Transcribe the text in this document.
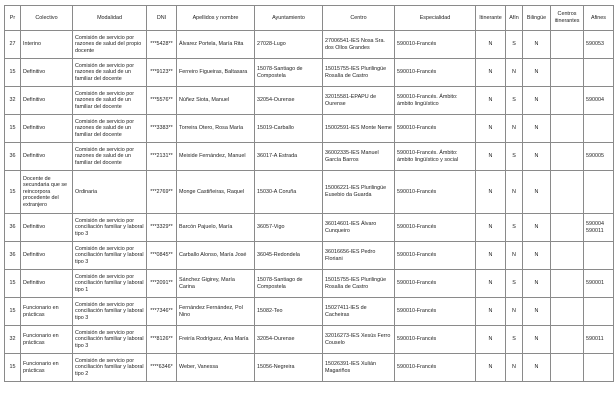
Pr	Colectivo	Modalidad	DNI	Apellidos y nombre	Ayuntamiento	Centro	Especialidad	Itinerante	Afín	Bilingüe	Centros itinerantes	Afines
27	Interino	Comisión de servicio por razones de salud del propio docente	***5428**	Álvarez Portela, María Rita	27028-Lugo	27006541-IES Nosa Sra. dos Ollos Grandes	590010-Francés	N	S	N		590053
15	Definitivo	Comisión de servicio por razones de salud de un familiar del docente	***9123**	Ferreiro Figueiras, Baltasara	15078-Santiago de Compostela	15015755-IES Plurilingüe Rosalía de Castro	590010-Francés	N	N	N		
32	Definitivo	Comisión de servicio por razones de salud de un familiar del docente	***5576**	Núñez Siota, Manuel	32054-Ourense	32015581-EPAPU de Ourense	590010-Francés. Ámbito: ámbito lingüístico	N	S	N		590004
15	Definitivo	Comisión de servicio por razones de salud de un familiar del docente	***3383**	Torreira Otero, Rosa María	15019-Carballo	15002591-IES Monte Neme	590010-Francés	N	N	N		
36	Definitivo	Comisión de servicio por razones de salud de un familiar del docente	***2131**	Meixide Fernández, Manuel	36017-A Estrada	36002335-IES Manuel García Barros	590010-Francés. Ámbito: ámbito lingüístico y social	N	S	N		590005
15	Docente de secundaria que se reincorpora procedente del extranjero	Ordinaria	***2769**	Monge Castiñeiras, Raquel	15030-A Coruña	15006221-IES Plurilingüe Eusebio da Guarda	590010-Francés	N	N	N		
36	Definitivo	Comisión de servicio por conciliación familiar y laboral tipo 3	***3329**	Barcón Pajuelo, María	36057-Vigo	36014601-IES Álvaro Cunqueiro	590010-Francés	N	S	N		590004 590011
36	Definitivo	Comisión de servicio por conciliación familiar y laboral tipo 3	***0845**	Carballo Alonso, María José	36045-Redondela	36016656-IES Pedro Floriani	590010-Francés	N	N	N		
15	Definitivo	Comisión de servicio por conciliación familiar y laboral tipo 1	***2091**	Sánchez Gigirey, María Carina	15078-Santiago de Compostela	15015755-IES Plurilingüe Rosalía de Castro	590010-Francés	N	S	N		590001
15	Funcionario en prácticas	Comisión de servicio por conciliación familiar y laboral tipo 3	***7346**	Fernández Fernández, Pol Nino	15082-Teo	15027411-IES de Cacheiras	590010-Francés	N	N	N		
32	Funcionario en prácticas	Comisión de servicio por conciliación familiar y laboral tipo 3	***8126**	Freiría Rodríguez, Ana María	32054-Ourense	32016273-IES Xesús Ferro Couselo	590010-Francés	N	S	N		590011
15	Funcionario en prácticas	Comisión de servicio por conciliación familiar y laboral tipo 2	****6346*	Weber, Vanessa	15056-Negreira	15026391-IES Xulián Magariños	590010-Francés	N	N	N		
